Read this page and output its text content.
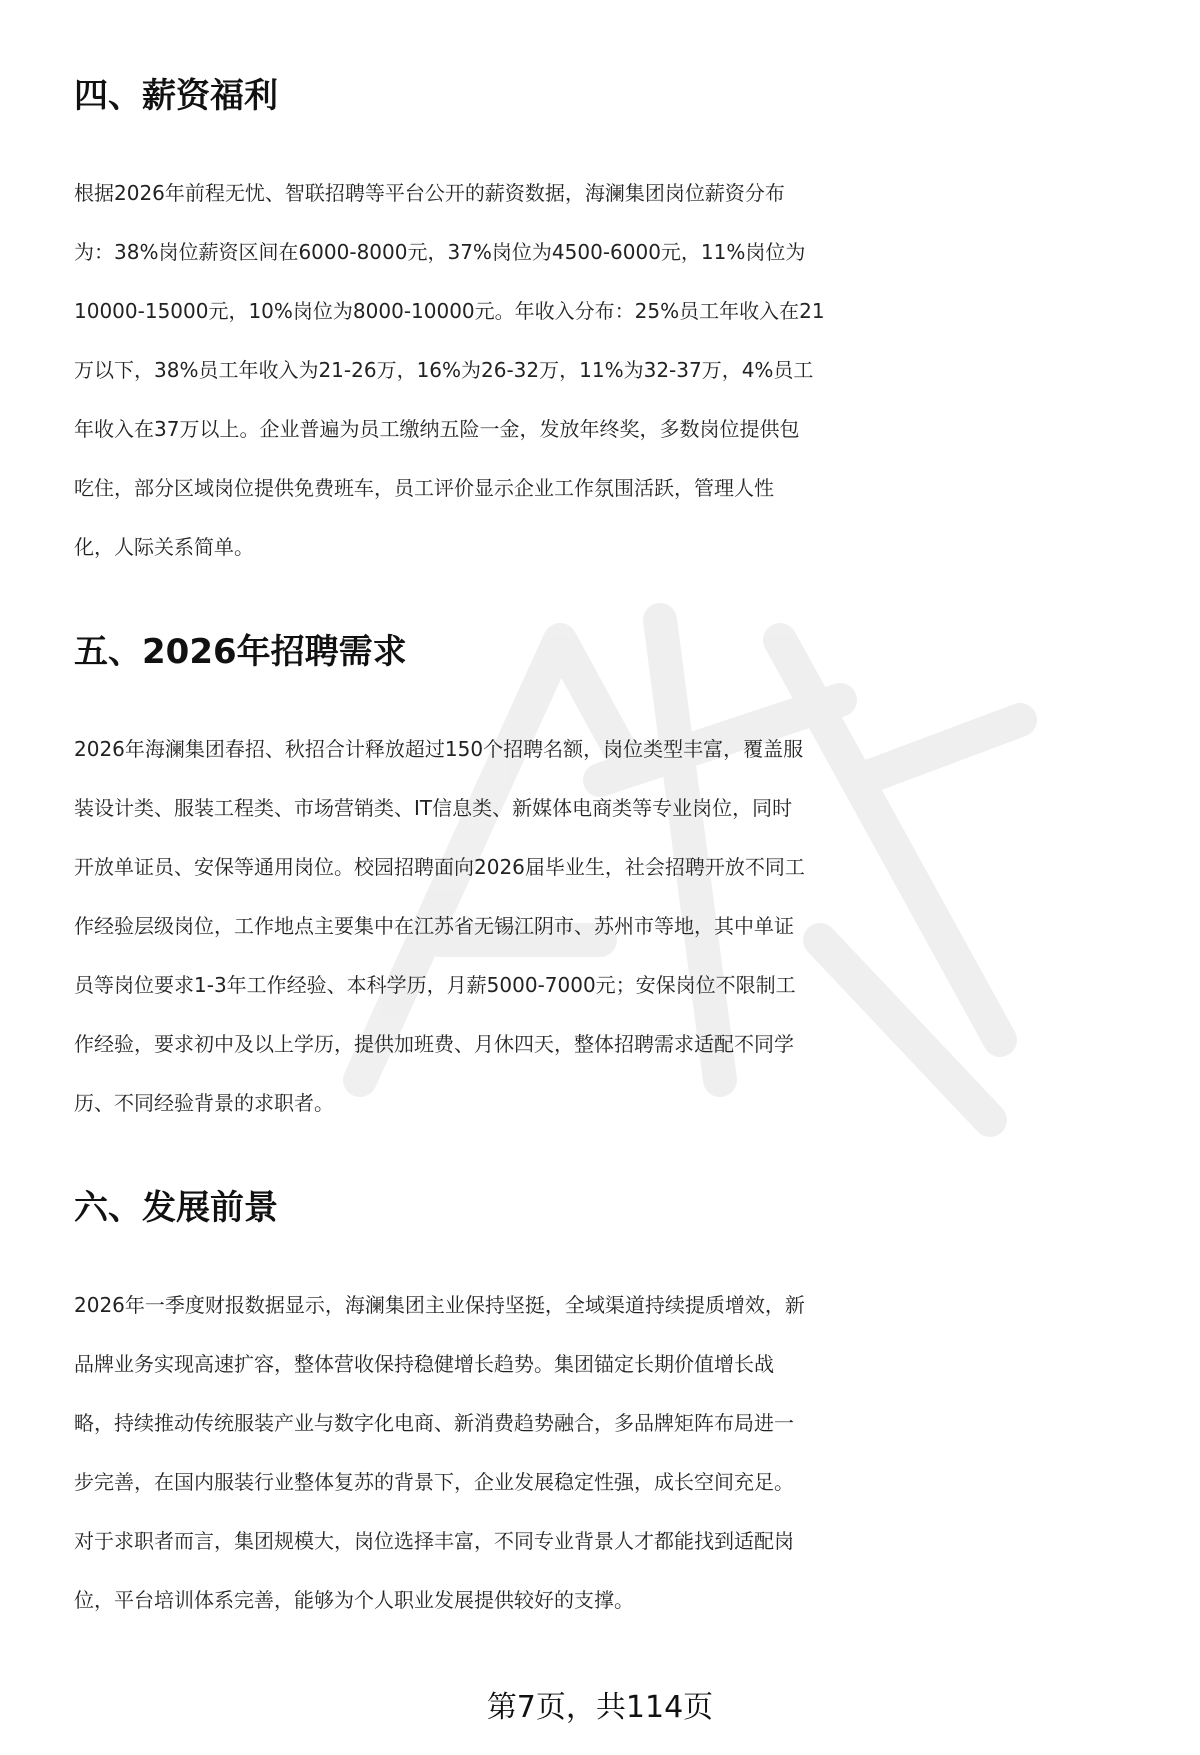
四、薪资福利

根据2026年前程无忧、智联招聘等平台公开的薪资数据，海澜集团岗位薪资分布
为：38%岗位薪资区间在6000-8000元，37%岗位为4500-6000元，11%岗位为
10000-15000元，10%岗位为8000-10000元。年收入分布：25%员工年收入在21
万以下，38%员工年收入为21-26万，16%为26-32万，11%为32-37万，4%员工
年收入在37万以上。企业普遍为员工缴纳五险一金，发放年终奖，多数岗位提供包
吃住，部分区域岗位提供免费班车，员工评价显示企业工作氛围活跃，管理人性
化，人际关系简单。

五、2026年招聘需求

2026年海澜集团春招、秋招合计释放超过150个招聘名额，岗位类型丰富，覆盖服
装设计类、服装工程类、市场营销类、IT信息类、新媒体电商类等专业岗位，同时
开放单证员、安保等通用岗位。校园招聘面向2026届毕业生，社会招聘开放不同工
作经验层级岗位，工作地点主要集中在江苏省无锡江阴市、苏州市等地，其中单证
员等岗位要求1-3年工作经验、本科学历，月薪5000-7000元；安保岗位不限制工
作经验，要求初中及以上学历，提供加班费、月休四天，整体招聘需求适配不同学
历、不同经验背景的求职者。

六、发展前景

2026年一季度财报数据显示，海澜集团主业保持坚挺，全域渠道持续提质增效，新
品牌业务实现高速扩容，整体营收保持稳健增长趋势。集团锚定长期价值增长战
略，持续推动传统服装产业与数字化电商、新消费趋势融合，多品牌矩阵布局进一
步完善，在国内服装行业整体复苏的背景下，企业发展稳定性强，成长空间充足。
对于求职者而言，集团规模大，岗位选择丰富，不同专业背景人才都能找到适配岗
位，平台培训体系完善，能够为个人职业发展提供较好的支撑。

第7页，共114页
